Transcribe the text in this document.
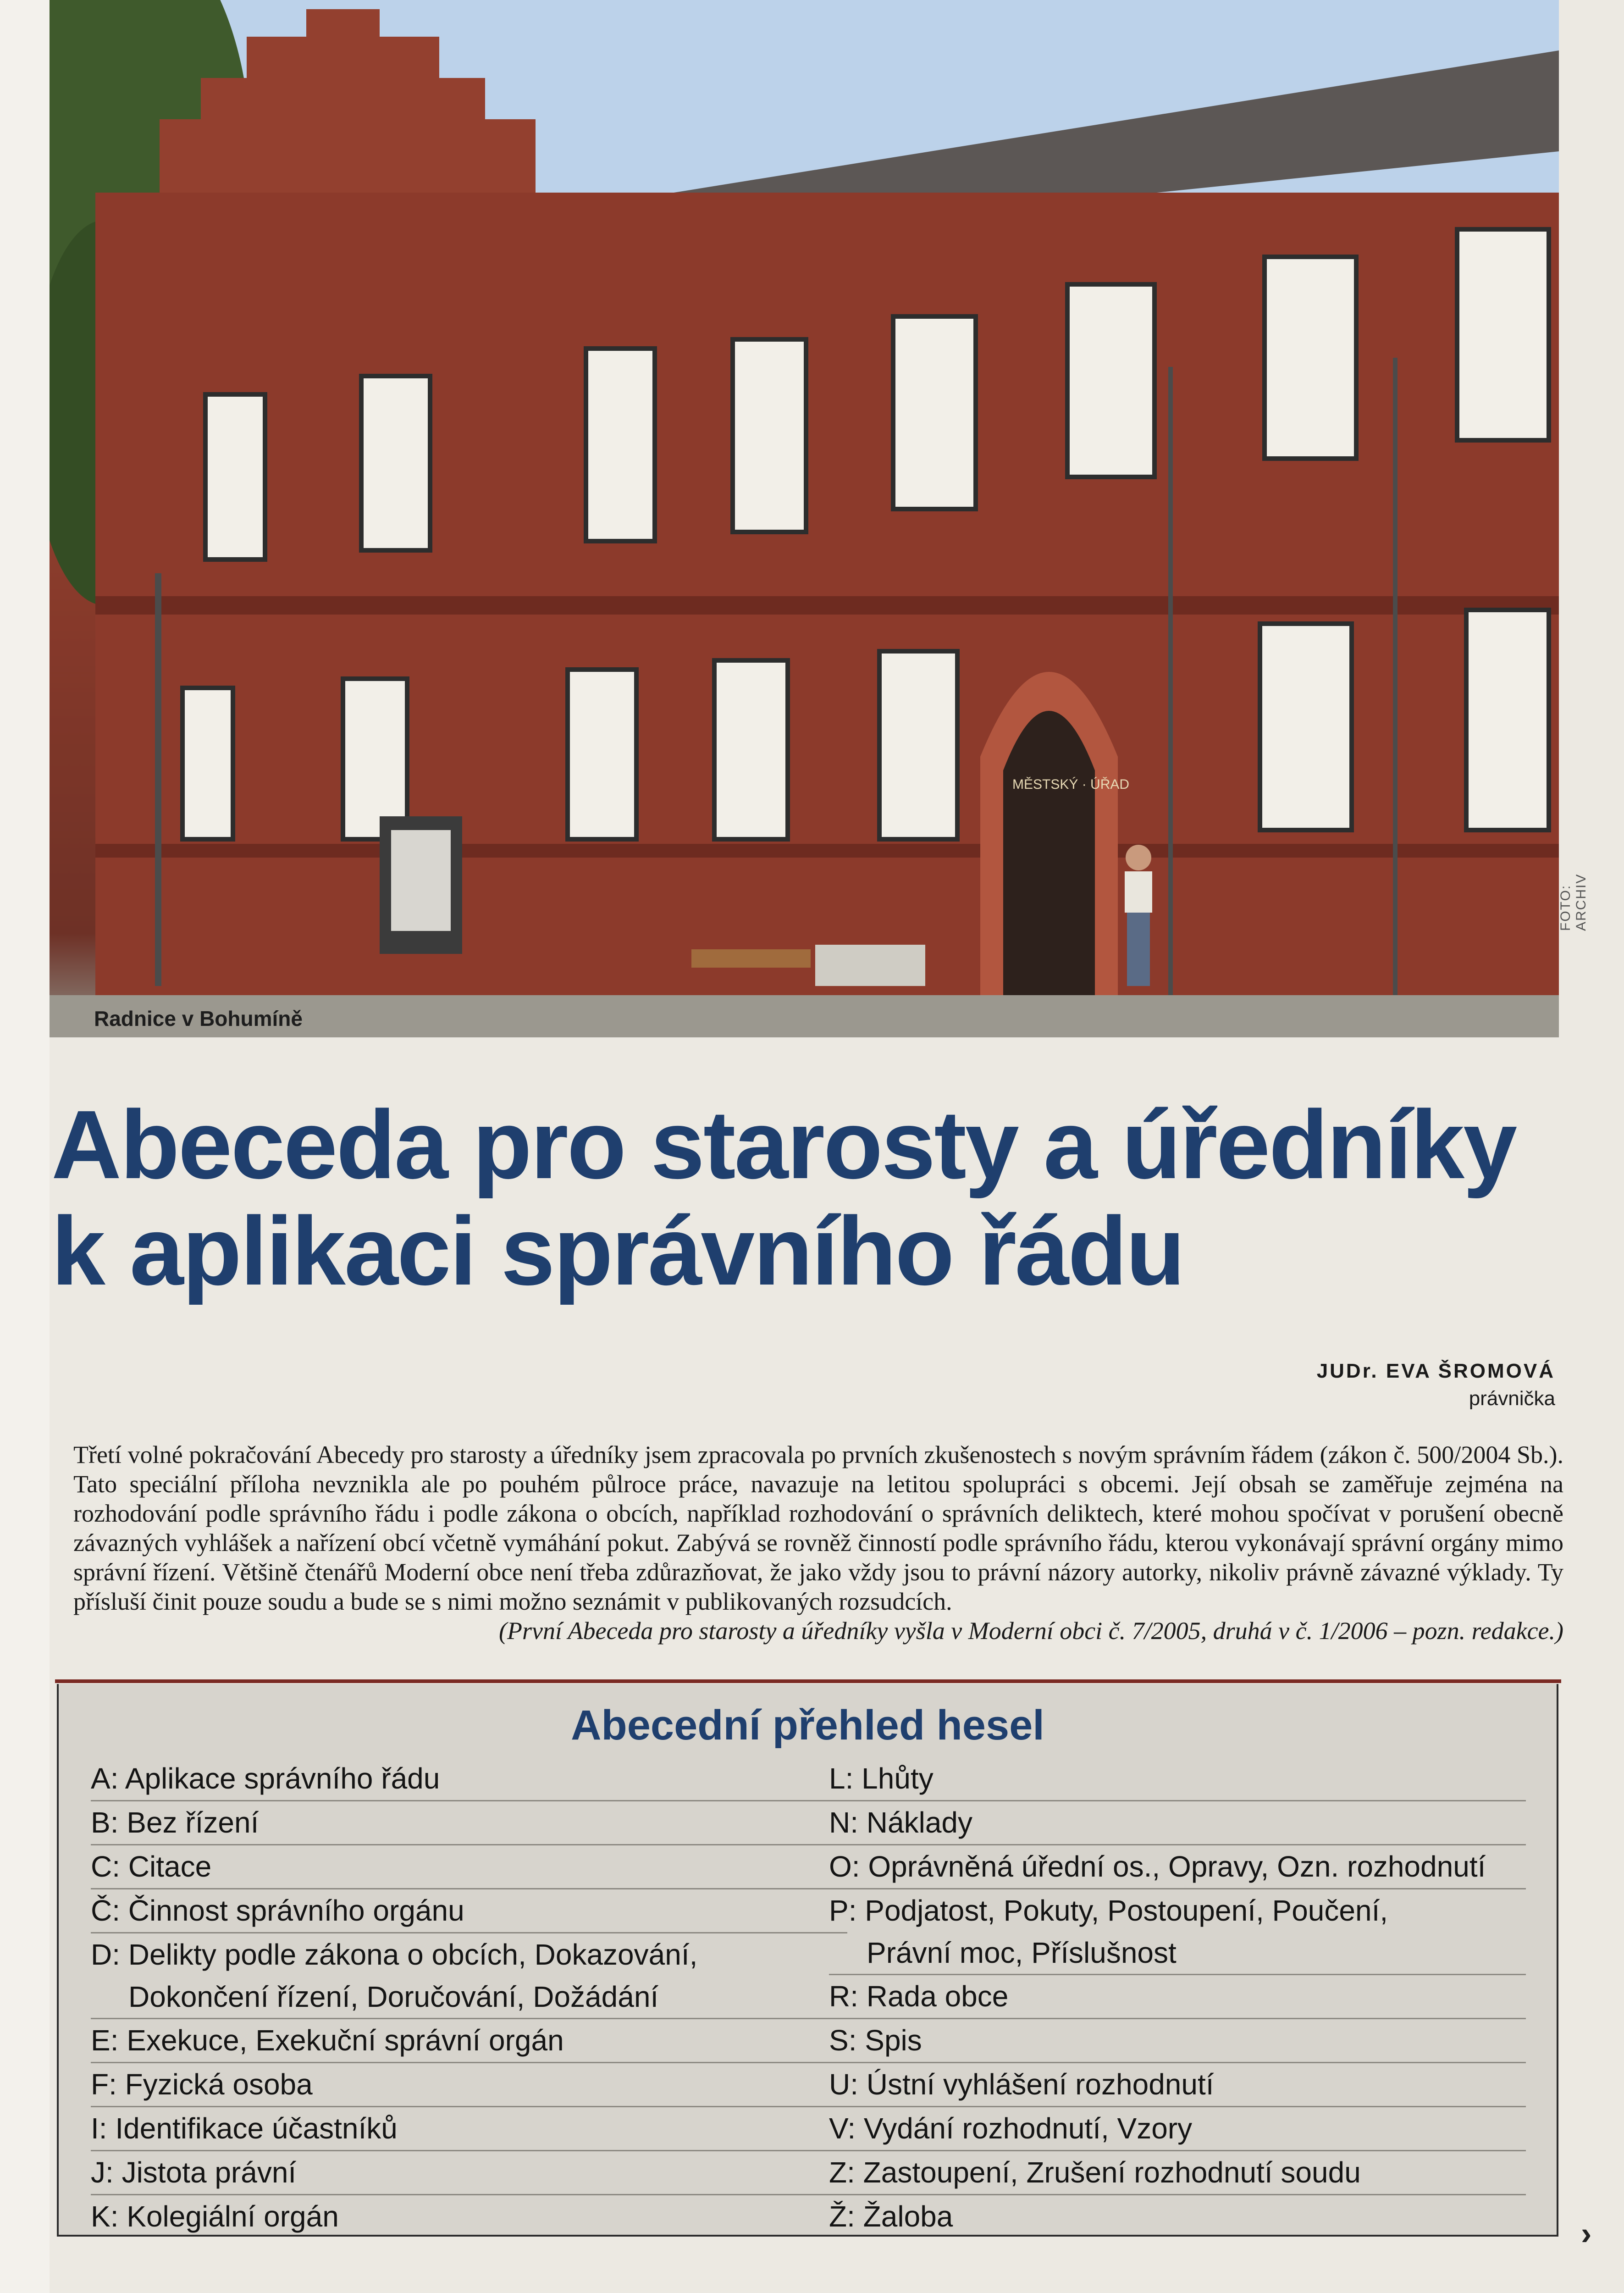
MĚSTSKÝ · ÚŘAD
Radnice v Bohumíně
FOTO: ARCHIV
Abeceda pro starosty a úředníky
k aplikaci správního řádu
JUDr. EVA ŠROMOVÁ
právnička
Třetí volné pokračování Abecedy pro starosty a úředníky jsem zpracovala po prvních zkušenostech s novým správním řádem (zákon č. 500/2004 Sb.). Tato speciální příloha nevznikla ale po pouhém půlroce práce, navazuje na letitou spolupráci s obcemi. Její obsah se zaměřuje zejména na rozhodování podle správního řádu i podle zákona o obcích, například rozhodování o správních deliktech, které mohou spočívat v porušení obecně závazných vyhlášek a nařízení obcí včetně vymáhání pokut. Zabývá se rovněž činností podle správního řádu, kterou vykonávají správní orgány mimo správní řízení. Většině čtenářů Moderní obce není třeba zdůrazňovat, že jako vždy jsou to právní názory autorky, nikoliv právně závazné výklady. Ty přísluší činit pouze soudu a bude se s nimi možno seznámit v publikovaných rozsudcích.
(První Abeceda pro starosty a úředníky vyšla v Moderní obci č. 7/2005, druhá v č. 1/2006 – pozn. redakce.)
Abecední přehled hesel
A: Aplikace správního řádu
B: Bez řízení
C: Citace
Č: Činnost správního orgánu
D: Delikty podle zákona o obcích, Dokazování,
Dokončení řízení, Doručování, Dožádání
E: Exekuce, Exekuční správní orgán
F: Fyzická osoba
I: Identifikace účastníků
J: Jistota právní
K: Kolegiální orgán
L: Lhůty
N: Náklady
O: Oprávněná úřední os., Opravy, Ozn. rozhodnutí
P: Podjatost, Pokuty, Postoupení, Poučení,
Právní moc, Příslušnost
R: Rada obce
S: Spis
U: Ústní vyhlášení rozhodnutí
V: Vydání rozhodnutí, Vzory
Z: Zastoupení, Zrušení rozhodnutí soudu
Ž: Žaloba	›
